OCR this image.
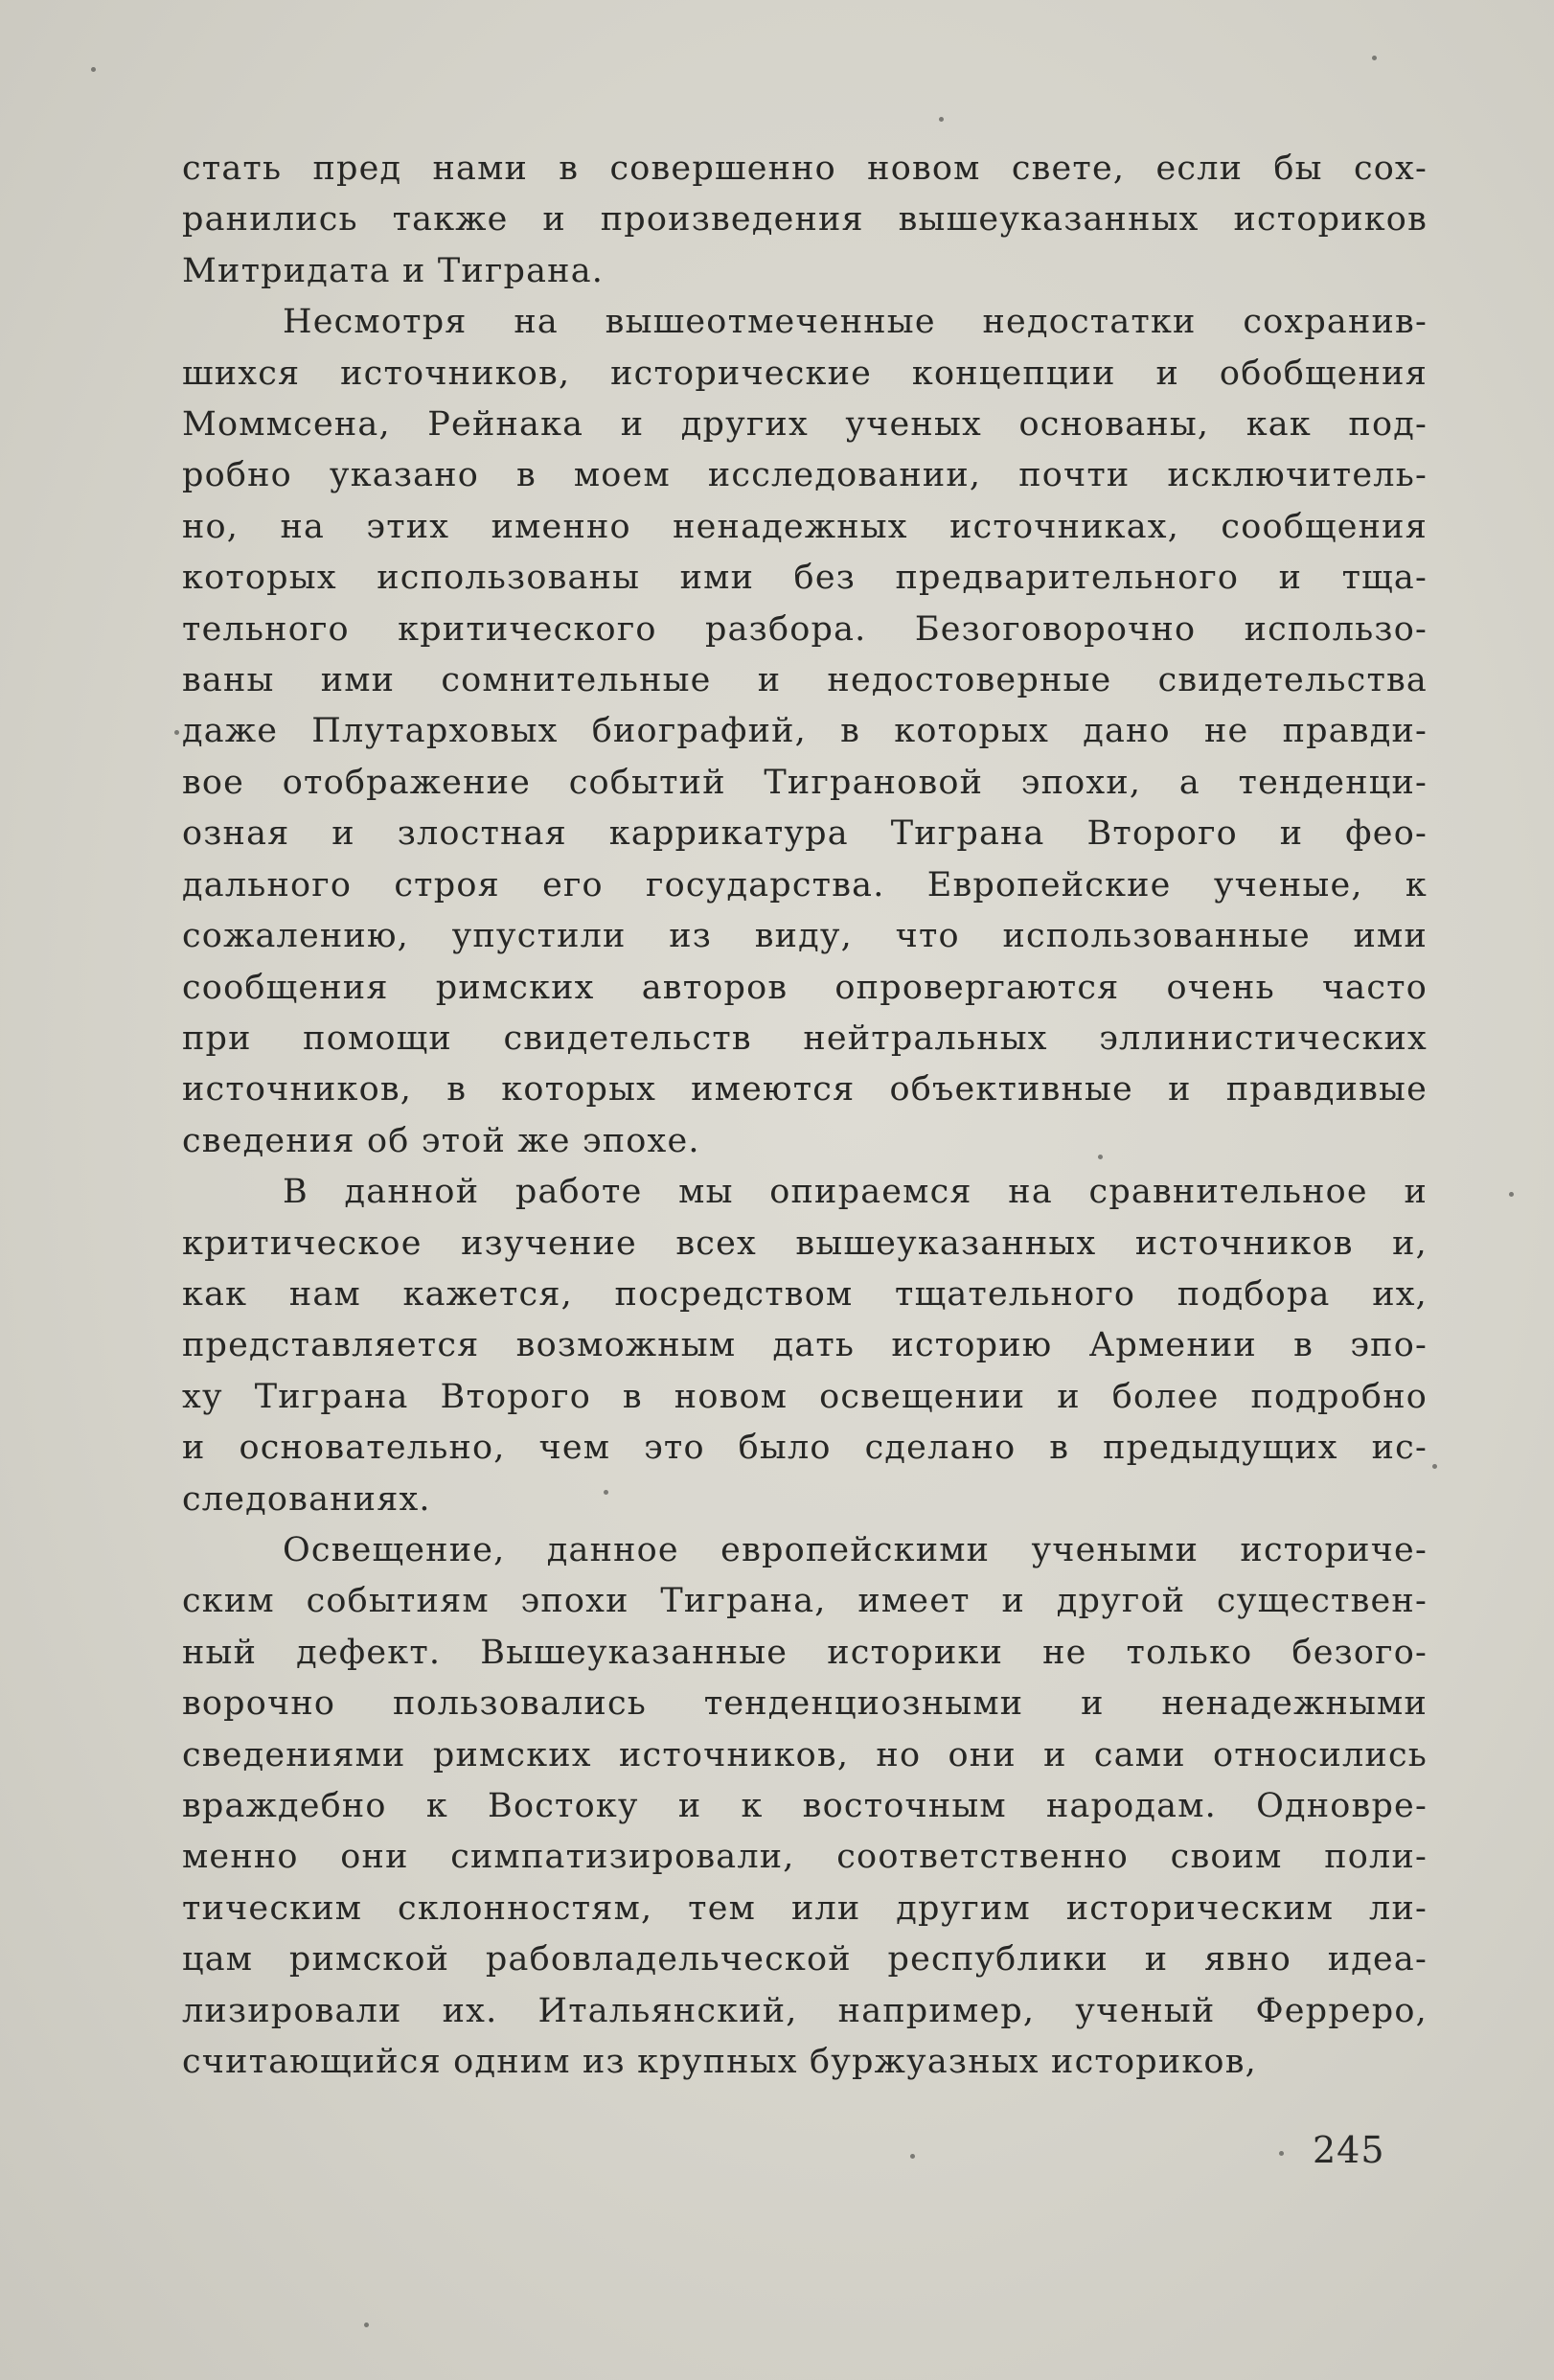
стать пред нами в совершенно новом свете, если бы сох-
ранились также и произведения вышеуказанных историков
Митридата и Тиграна.
Несмотря на вышеотмеченные недостатки сохранив-
шихся источников, исторические концепции и обобщения
Моммсена, Рейнака и других ученых основаны, как под-
робно указано в моем исследовании, почти исключитель-
но, на этих именно ненадежных источниках, сообщения
которых использованы ими без предварительного и тща-
тельного критического разбора. Безоговорочно использо-
ваны ими сомнительные и недостоверные свидетельства
даже Плутарховых биографий, в которых дано не правди-
вое отображение событий Тиграновой эпохи, а тенденци-
озная и злостная каррикатура Тиграна Второго и фео-
дального строя его государства. Европейские ученые, к
сожалению, упустили из виду, что использованные ими
сообщения римских авторов опровергаются очень часто
при помощи свидетельств нейтральных эллинистических
источников, в которых имеются объективные и правдивые
сведения об этой же эпохе.
В данной работе мы опираемся на сравнительное и
критическое изучение всех вышеуказанных источников и,
как нам кажется, посредством тщательного подбора их,
представляется возможным дать историю Армении в эпо-
ху Тиграна Второго в новом освещении и более подробно
и основательно, чем это было сделано в предыдущих ис-
следованиях.
Освещение, данное европейскими учеными историче-
ским событиям эпохи Тиграна, имеет и другой существен-
ный дефект. Вышеуказанные историки не только безого-
ворочно пользовались тенденциозными и ненадежными
сведениями римских источников, но они и сами относились
враждебно к Востоку и к восточным народам. Одновре-
менно они симпатизировали, соответственно своим поли-
тическим склонностям, тем или другим историческим ли-
цам римской рабовладельческой республики и явно идеа-
лизировали их. Итальянский, например, ученый Ферреро,
считающийся одним из крупных буржуазных историков,
245
